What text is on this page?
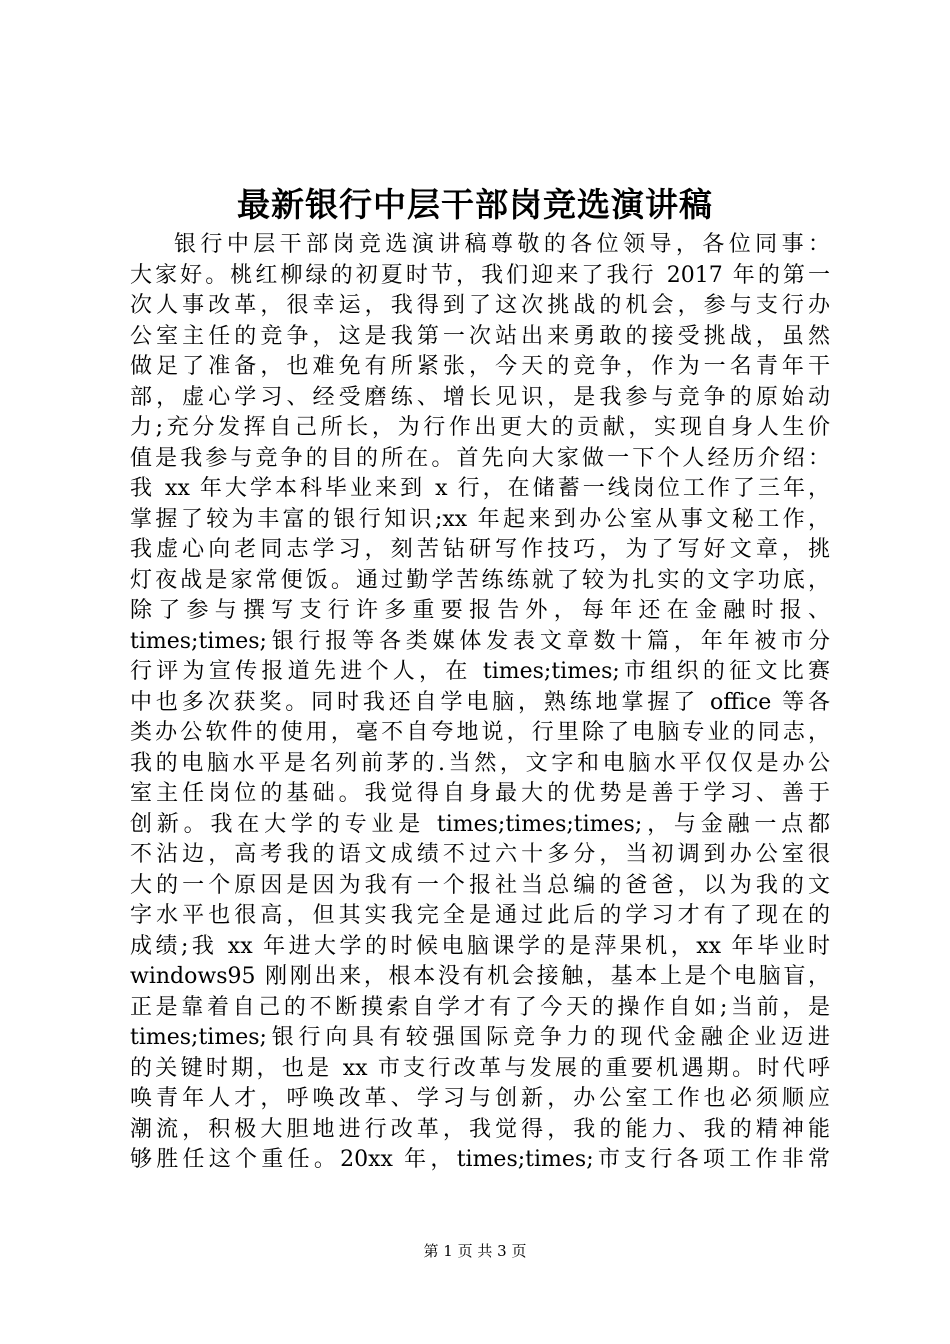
最新银行中层干部岗竞选演讲稿
银行中层干部岗竞选演讲稿尊敬的各位领导，各位同事：
大家好。桃红柳绿的初夏时节，我们迎来了我行 2017 年的第一
次人事改革，很幸运，我得到了这次挑战的机会，参与支行办
公室主任的竞争，这是我第一次站出来勇敢的接受挑战，虽然
做足了准备，也难免有所紧张，今天的竞争，作为一名青年干
部，虚心学习、经受磨练、增长见识，是我参与竞争的原始动
力;充分发挥自己所长，为行作出更大的贡献，实现自身人生价
值是我参与竞争的目的所在。首先向大家做一下个人经历介绍：
我 xx 年大学本科毕业来到 x 行，在储蓄一线岗位工作了三年，
掌握了较为丰富的银行知识;xx 年起来到办公室从事文秘工作，
我虚心向老同志学习，刻苦钻研写作技巧，为了写好文章，挑
灯夜战是家常便饭。通过勤学苦练练就了较为扎实的文字功底，
除了参与撰写支行许多重要报告外，每年还在金融时报、
times;times;银行报等各类媒体发表文章数十篇，年年被市分
行评为宣传报道先进个人，在 times;times;市组织的征文比赛
中也多次获奖。同时我还自学电脑，熟练地掌握了 office 等各
类办公软件的使用，毫不自夸地说，行里除了电脑专业的同志，
我的电脑水平是名列前茅的.当然，文字和电脑水平仅仅是办公
室主任岗位的基础。我觉得自身最大的优势是善于学习、善于
创新。我在大学的专业是 times;times;times;，与金融一点都
不沾边，高考我的语文成绩不过六十多分，当初调到办公室很
大的一个原因是因为我有一个报社当总编的爸爸，以为我的文
字水平也很高，但其实我完全是通过此后的学习才有了现在的
成绩;我 xx 年进大学的时候电脑课学的是萍果机，xx 年毕业时
windows95 刚刚出来，根本没有机会接触，基本上是个电脑盲，
正是靠着自己的不断摸索自学才有了今天的操作自如;当前，是
times;times;银行向具有较强国际竞争力的现代金融企业迈进
的关键时期，也是 xx 市支行改革与发展的重要机遇期。时代呼
唤青年人才，呼唤改革、学习与创新，办公室工作也必须顺应
潮流，积极大胆地进行改革，我觉得，我的能力、我的精神能
够胜任这个重任。20xx 年，times;times;市支行各项工作非常
第 1 页 共 3 页
